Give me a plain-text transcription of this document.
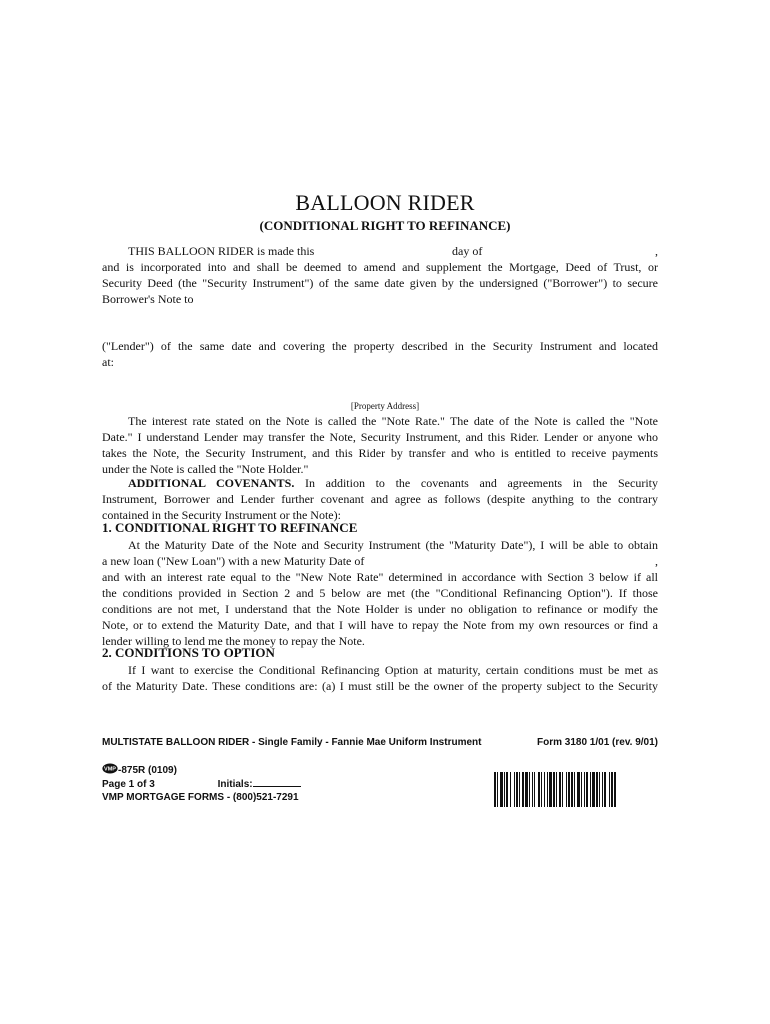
BALLOON RIDER
(CONDITIONAL RIGHT TO REFINANCE)
THIS BALLOON RIDER is made this	day of	,
and is incorporated into and shall be deemed to amend and supplement the Mortgage, Deed of Trust, or
Security Deed (the "Security Instrument") of the same date given by the undersigned ("Borrower") to secure
Borrower's Note to
("Lender") of the same date and covering the property described in the Security Instrument and located
at:
[Property Address]
The interest rate stated on the Note is called the "Note Rate." The date of the Note is called the "Note
Date." I understand Lender may transfer the Note, Security Instrument, and this Rider. Lender or anyone who
takes the Note, the Security Instrument, and this Rider by transfer and who is entitled to receive payments
under the Note is called the "Note Holder."
ADDITIONAL COVENANTS. In addition to the covenants and agreements in the Security
Instrument, Borrower and Lender further covenant and agree as follows (despite anything to the contrary
contained in the Security Instrument or the Note):
1. CONDITIONAL RIGHT TO REFINANCE
At the Maturity Date of the Note and Security Instrument (the "Maturity Date"), I will be able to obtain
a new loan ("New Loan") with a new Maturity Date of	,
and with an interest rate equal to the "New Note Rate" determined in accordance with Section 3 below if all
the conditions provided in Section 2 and 5 below are met (the "Conditional Refinancing Option"). If those
conditions are not met, I understand that the Note Holder is under no obligation to refinance or modify the
Note, or to extend the Maturity Date, and that I will have to repay the Note from my own resources or find a
lender willing to lend me the money to repay the Note.
2. CONDITIONS TO OPTION
If I want to exercise the Conditional Refinancing Option at maturity, certain conditions must be met as
of the Maturity Date. These conditions are: (a) I must still be the owner of the property subject to the Security
MULTISTATE BALLOON RIDER - Single Family - Fannie Mae Uniform Instrument	Form 3180 1/01 (rev. 9/01)
VMP -875R (0109)
Page 1 of 3	Initials:
VMP MORTGAGE FORMS - (800)521-7291
